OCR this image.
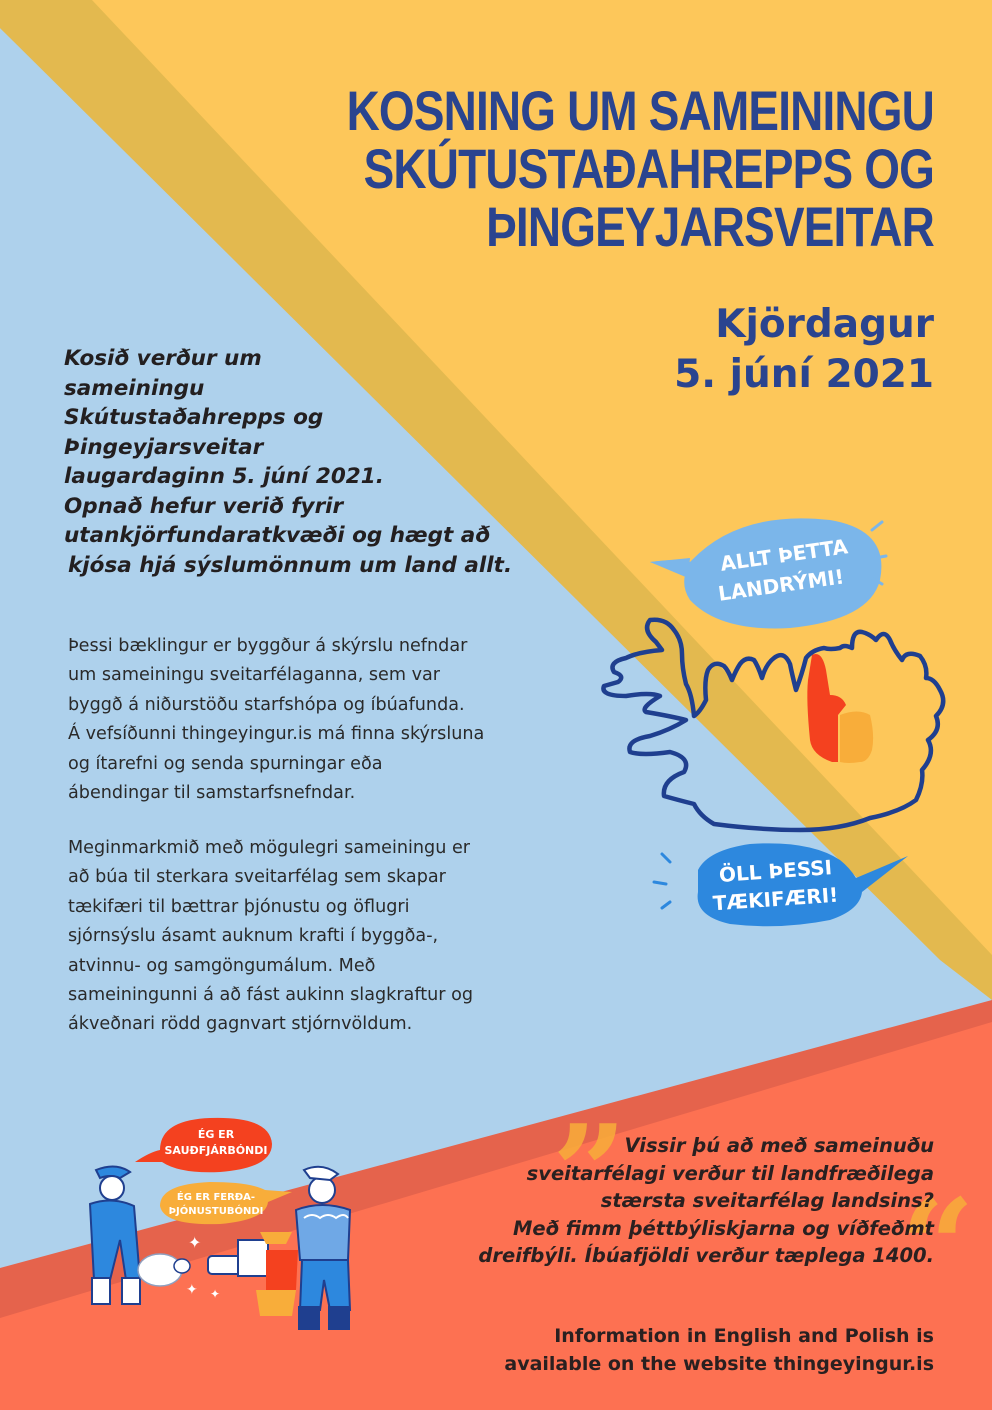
KOSNING UM SAMEININGU
SKÚTUSTAÐAHREPPS OG
ÞINGEYJARSVEITAR
Kjördagur
5. júní 2021
Kosið verður um
sameiningu
Skútustaðahrepps og
Þingeyjarsveitar
laugardaginn 5. júní 2021.
Opnað hefur verið fyrir
utankjörfundaratkvæði og hægt að
kjósa hjá sýslumönnum um land allt.
Þessi bæklingur er byggður á skýrslu nefndar
um sameiningu sveitarfélaganna, sem var
byggð á niðurstöðu starfshópa og íbúafunda.
Á vefsíðunni thingeyingur.is má finna skýrsluna
og ítarefni og senda spurningar eða
ábendingar til samstarfsnefndar.
Meginmarkmið með mögulegri sameiningu er
að búa til sterkara sveitarfélag sem skapar
tækifæri til bættrar þjónustu og öflugri
sjórnsýslu ásamt auknum krafti í byggða-,
atvinnu- og samgöngumálum. Með
sameiningunni á að fást aukinn slagkraftur og
ákveðnari rödd gagnvart stjórnvöldum.
ALLT ÞETTA
LANDRÝMI!
ÖLL ÞESSI
TÆKIFÆRI!
ÉG ER
SAUÐFJÁRBÓNDI
ÉG ER FERÐA-
ÞJÓNUSTUBÓNDI
✦
✦ ✦
” “
Vissir þú að með sameinuðu
sveitarfélagi verður til landfræðilega
stærsta sveitarfélag landsins?
Með fimm þéttbýliskjarna og víðfeðmt
dreifbýli. Íbúafjöldi verður tæplega 1400.
Information in English and Polish is
available on the website thingeyingur.is
